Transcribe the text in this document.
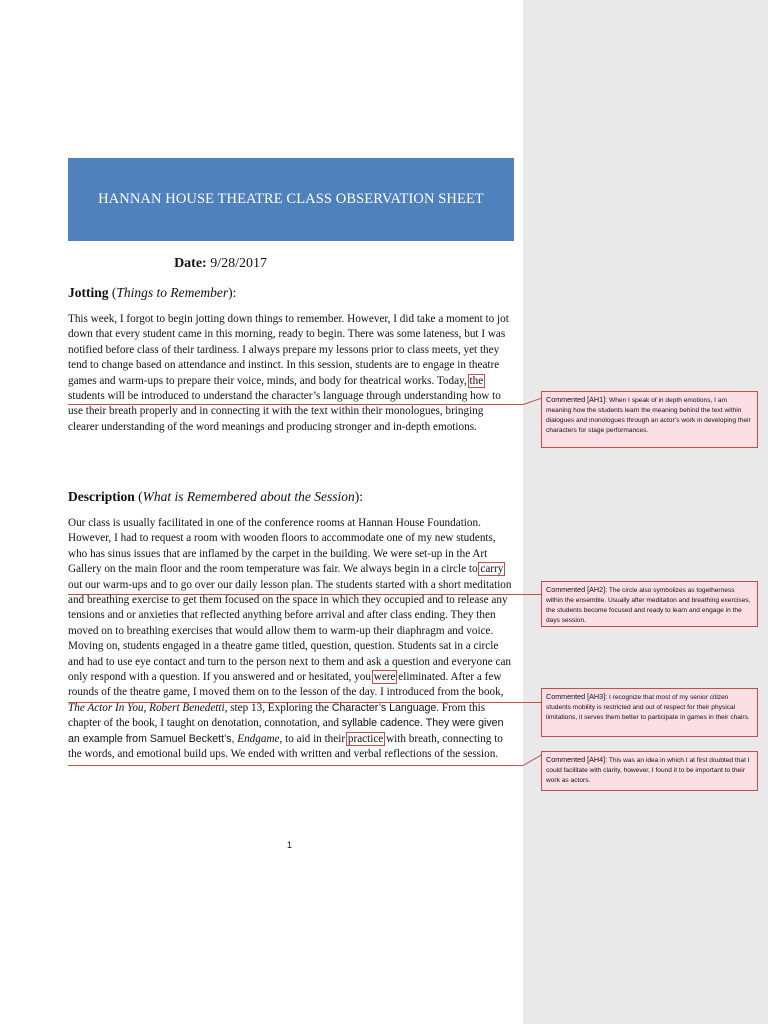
HANNAN HOUSE THEATRE CLASS OBSERVATION SHEET
Date: 9/28/2017
Jotting (Things to Remember):

This week, I forgot to begin jotting down things to remember. However, I did take a moment to jot down that every student came in this morning, ready to begin. There was some lateness, but I was notified before class of their tardiness. I always prepare my lessons prior to class meets, yet they tend to change based on attendance and instinct. In this session, students are to engage in theatre games and warm-ups to prepare their voice, minds, and body for theatrical works. Today, the students will be introduced to understand the character’s language through understanding how to use their breath properly and in connecting it with the text within their monologues, bringing clearer understanding of the word meanings and producing stronger and in-depth emotions.

Description (What is Remembered about the Session):

Our class is usually facilitated in one of the conference rooms at Hannan House Foundation. However, I had to request a room with wooden floors to accommodate one of my new students, who has sinus issues that are inflamed by the carpet in the building. We were set-up in the Art Gallery on the main floor and the room temperature was fair. We always begin in a circle to carry out our warm-ups and to go over our daily lesson plan. The students started with a short meditation and breathing exercise to get them focused on the space in which they occupied and to release any tensions and or anxieties that reflected anything before arrival and after class ending. They then moved on to breathing exercises that would allow them to warm-up their diaphragm and voice. Moving on, students engaged in a theatre game titled, question, question. Students sat in a circle and had to use eye contact and turn to the person next to them and ask a question and everyone can only respond with a question. If you answered and or hesitated, you were eliminated. After a few rounds of the theatre game, I moved them on to the lesson of the day. I introduced from the book, The Actor In You, Robert Benedetti, step 13, Exploring the Character’s Language. From this chapter of the book, I taught on denotation, connotation, and syllable cadence. They were given an example from Samuel Beckett’s, Endgame, to aid in their practice with breath, connecting to the words, and emotional build ups. We ended with written and verbal reflections of the session.

1
Commented [AH1]: When I speak of in depth emotions, I am meaning how the students learn the meaning behind the text within dialogues and monologues through an actor’s work in developing their characters for stage performances.
Commented [AH2]: The circle also symbolizes as togetherness within the ensemble. Usually after meditation and breathing exercises, the students become focused and ready to learn and engage in the days session.
Commented [AH3]: I recognize that most of my senior citizen students mobility is restricted and out of respect for their physical limitations, it serves them better to participate in games in their chairs.
Commented [AH4]: This was an idea in which I at first doubted that I could facilitate with clarity, however, I found it to be important to their work as actors.
